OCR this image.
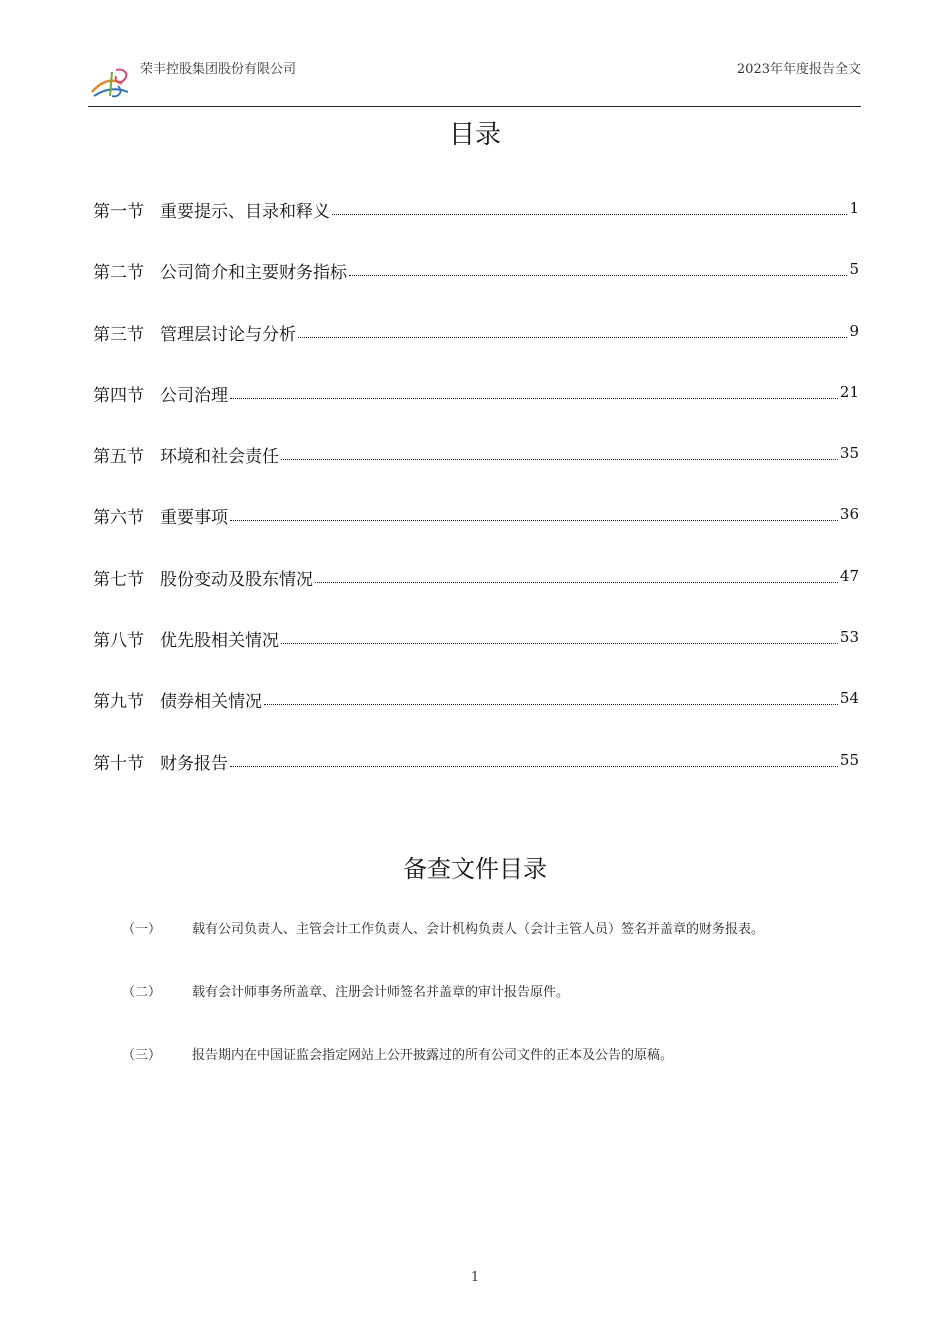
荣丰控股集团股份有限公司	2023年年度报告全文
目录
第一节 重要提示、目录和释义	1
第二节 公司简介和主要财务指标	5
第三节 管理层讨论与分析	9
第四节 公司治理	21
第五节 环境和社会责任	35
第六节 重要事项	36
第七节 股份变动及股东情况	47
第八节 优先股相关情况	53
第九节 债券相关情况	54
第十节 财务报告	55
备查文件目录
（一）	载有公司负责人、主管会计工作负责人、会计机构负责人（会计主管人员）签名并盖章的财务报表。
（二）	载有会计师事务所盖章、注册会计师签名并盖章的审计报告原件。
（三）	报告期内在中国证监会指定网站上公开披露过的所有公司文件的正本及公告的原稿。
1
